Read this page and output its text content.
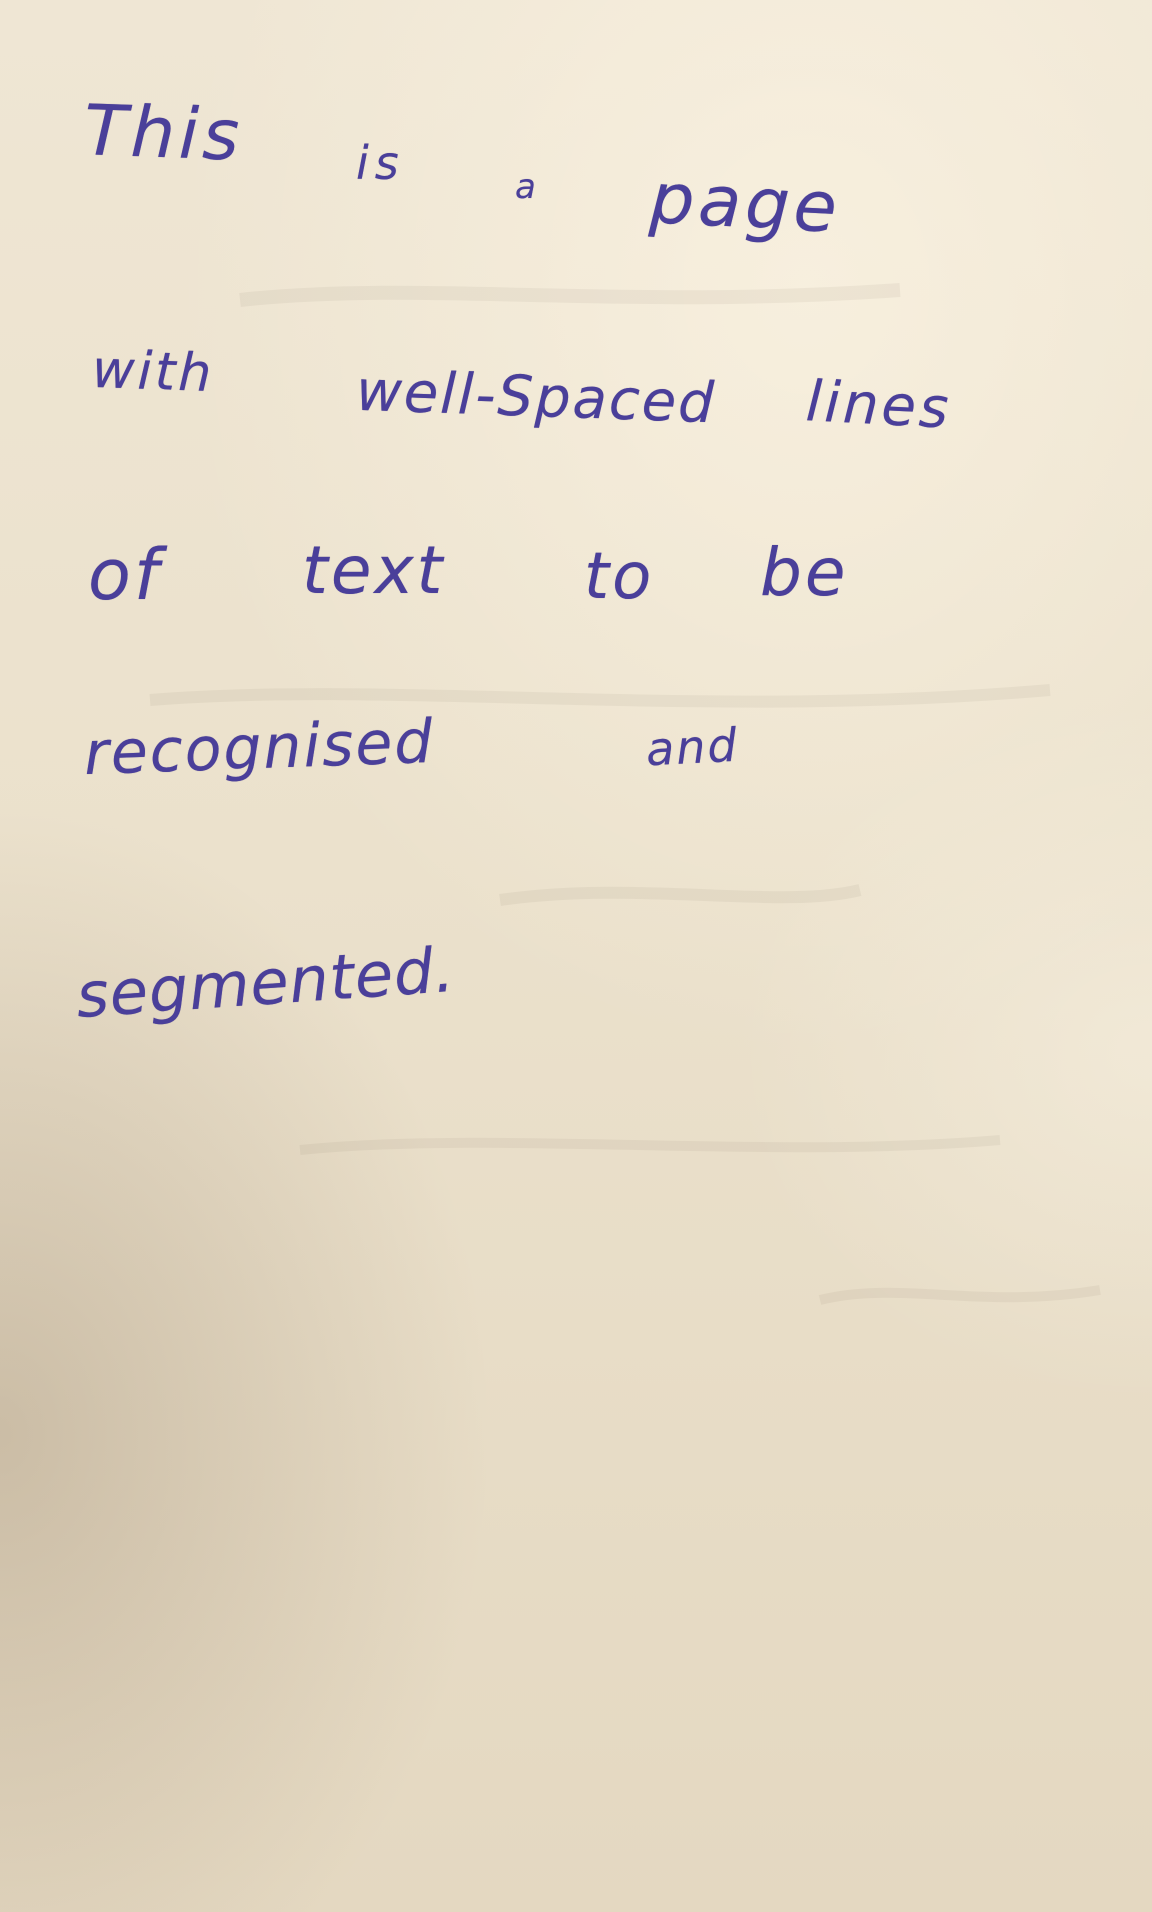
This is	a page
with well-Spaced lines
of text to be
recognised	and
segmented.
